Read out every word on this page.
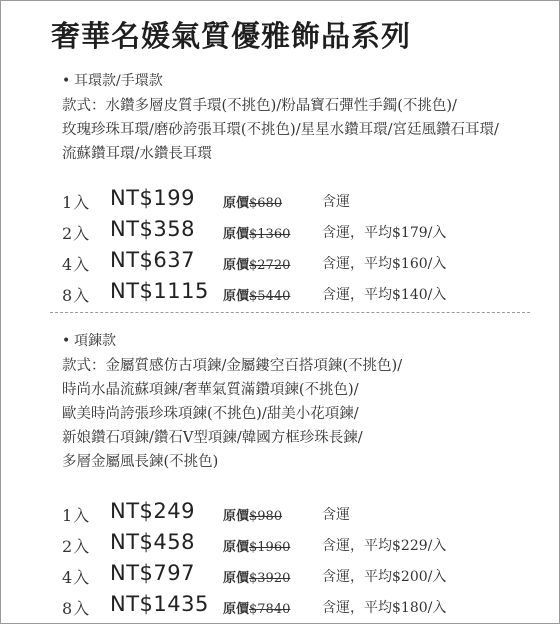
奢華名媛氣質優雅飾品系列
• 耳環款/手環款
款式：水鑽多層皮質手環(不挑色)/粉晶寶石彈性手鐲(不挑色)/
玫瑰珍珠耳環/磨砂誇張耳環(不挑色)/星星水鑽耳環/宮廷風鑽石耳環/
流蘇鑽耳環/水鑽長耳環
1入 NT$199 原價$680	含運
2入 NT$358 原價$1360 含運，平均$179/入
4入 NT$637 原價$2720 含運，平均$160/入
8入 NT$1115 原價$5440 含運，平均$140/入
• 項鍊款
款式：金屬質感仿古項鍊/金屬鏤空百搭項鍊(不挑色)/
時尚水晶流蘇項鍊/奢華氣質滿鑽項鍊(不挑色)/
歐美時尚誇張珍珠項鍊(不挑色)/甜美小花項鍊/
新娘鑽石項鍊/鑽石V型項鍊/韓國方框珍珠長鍊/
多層金屬風長鍊(不挑色)
1入 NT$249 原價$980	含運
2入 NT$458 原價$1960 含運，平均$229/入
4入 NT$797 原價$3920 含運，平均$200/入
8入 NT$1435 原價$7840 含運，平均$180/入
